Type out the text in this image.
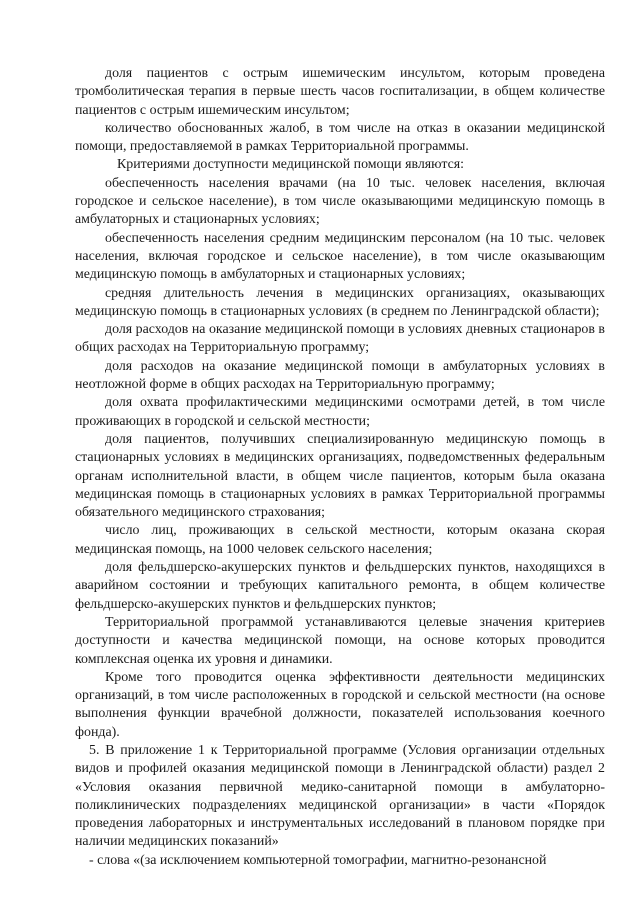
доля пациентов с острым ишемическим инсультом, которым проведена тромболитическая терапия в первые шесть часов госпитализации, в общем количестве пациентов с острым ишемическим инсультом;

количество обоснованных жалоб, в том числе на отказ в оказании медицинской помощи, предоставляемой в рамках Территориальной программы.

Критериями доступности медицинской помощи являются:

обеспеченность населения врачами (на 10 тыс. человек населения, включая городское и сельское население), в том числе оказывающими медицинскую помощь в амбулаторных и стационарных условиях;

обеспеченность населения средним медицинским персоналом (на 10 тыс. человек населения, включая городское и сельское население), в том числе оказывающим медицинскую помощь в амбулаторных и стационарных условиях;

средняя длительность лечения в медицинских организациях, оказывающих медицинскую помощь в стационарных условиях (в среднем по Ленинградской области);

доля расходов на оказание медицинской помощи в условиях дневных стационаров в общих расходах на Территориальную программу;

доля расходов на оказание медицинской помощи в амбулаторных условиях в неотложной форме в общих расходах на Территориальную программу;

доля охвата профилактическими медицинскими осмотрами детей, в том числе проживающих в городской и сельской местности;

доля пациентов, получивших специализированную медицинскую помощь в стационарных условиях в медицинских организациях, подведомственных федеральным органам исполнительной власти, в общем числе пациентов, которым была оказана медицинская помощь в стационарных условиях в рамках Территориальной программы обязательного медицинского страхования;

число лиц, проживающих в сельской местности, которым оказана скорая медицинская помощь, на 1000 человек сельского населения;

доля фельдшерско-акушерских пунктов и фельдшерских пунктов, находящихся в аварийном состоянии и требующих капитального ремонта, в общем количестве фельдшерско-акушерских пунктов и фельдшерских пунктов;

Территориальной программой устанавливаются целевые значения критериев доступности и качества медицинской помощи, на основе которых проводится комплексная оценка их уровня и динамики.

Кроме того проводится оценка эффективности деятельности медицинских организаций, в том числе расположенных в городской и сельской местности (на основе выполнения функции врачебной должности, показателей использования коечного фонда).

5. В приложение 1 к Территориальной программе (Условия организации отдельных видов и профилей оказания медицинской помощи в Ленинградской области) раздел 2 «Условия оказания первичной медико-санитарной помощи в амбулаторно-поликлинических подразделениях медицинской организации» в части «Порядок проведения лабораторных и инструментальных исследований в плановом порядке при наличии медицинских показаний»

- слова «(за исключением компьютерной томографии, магнитно-резонансной
